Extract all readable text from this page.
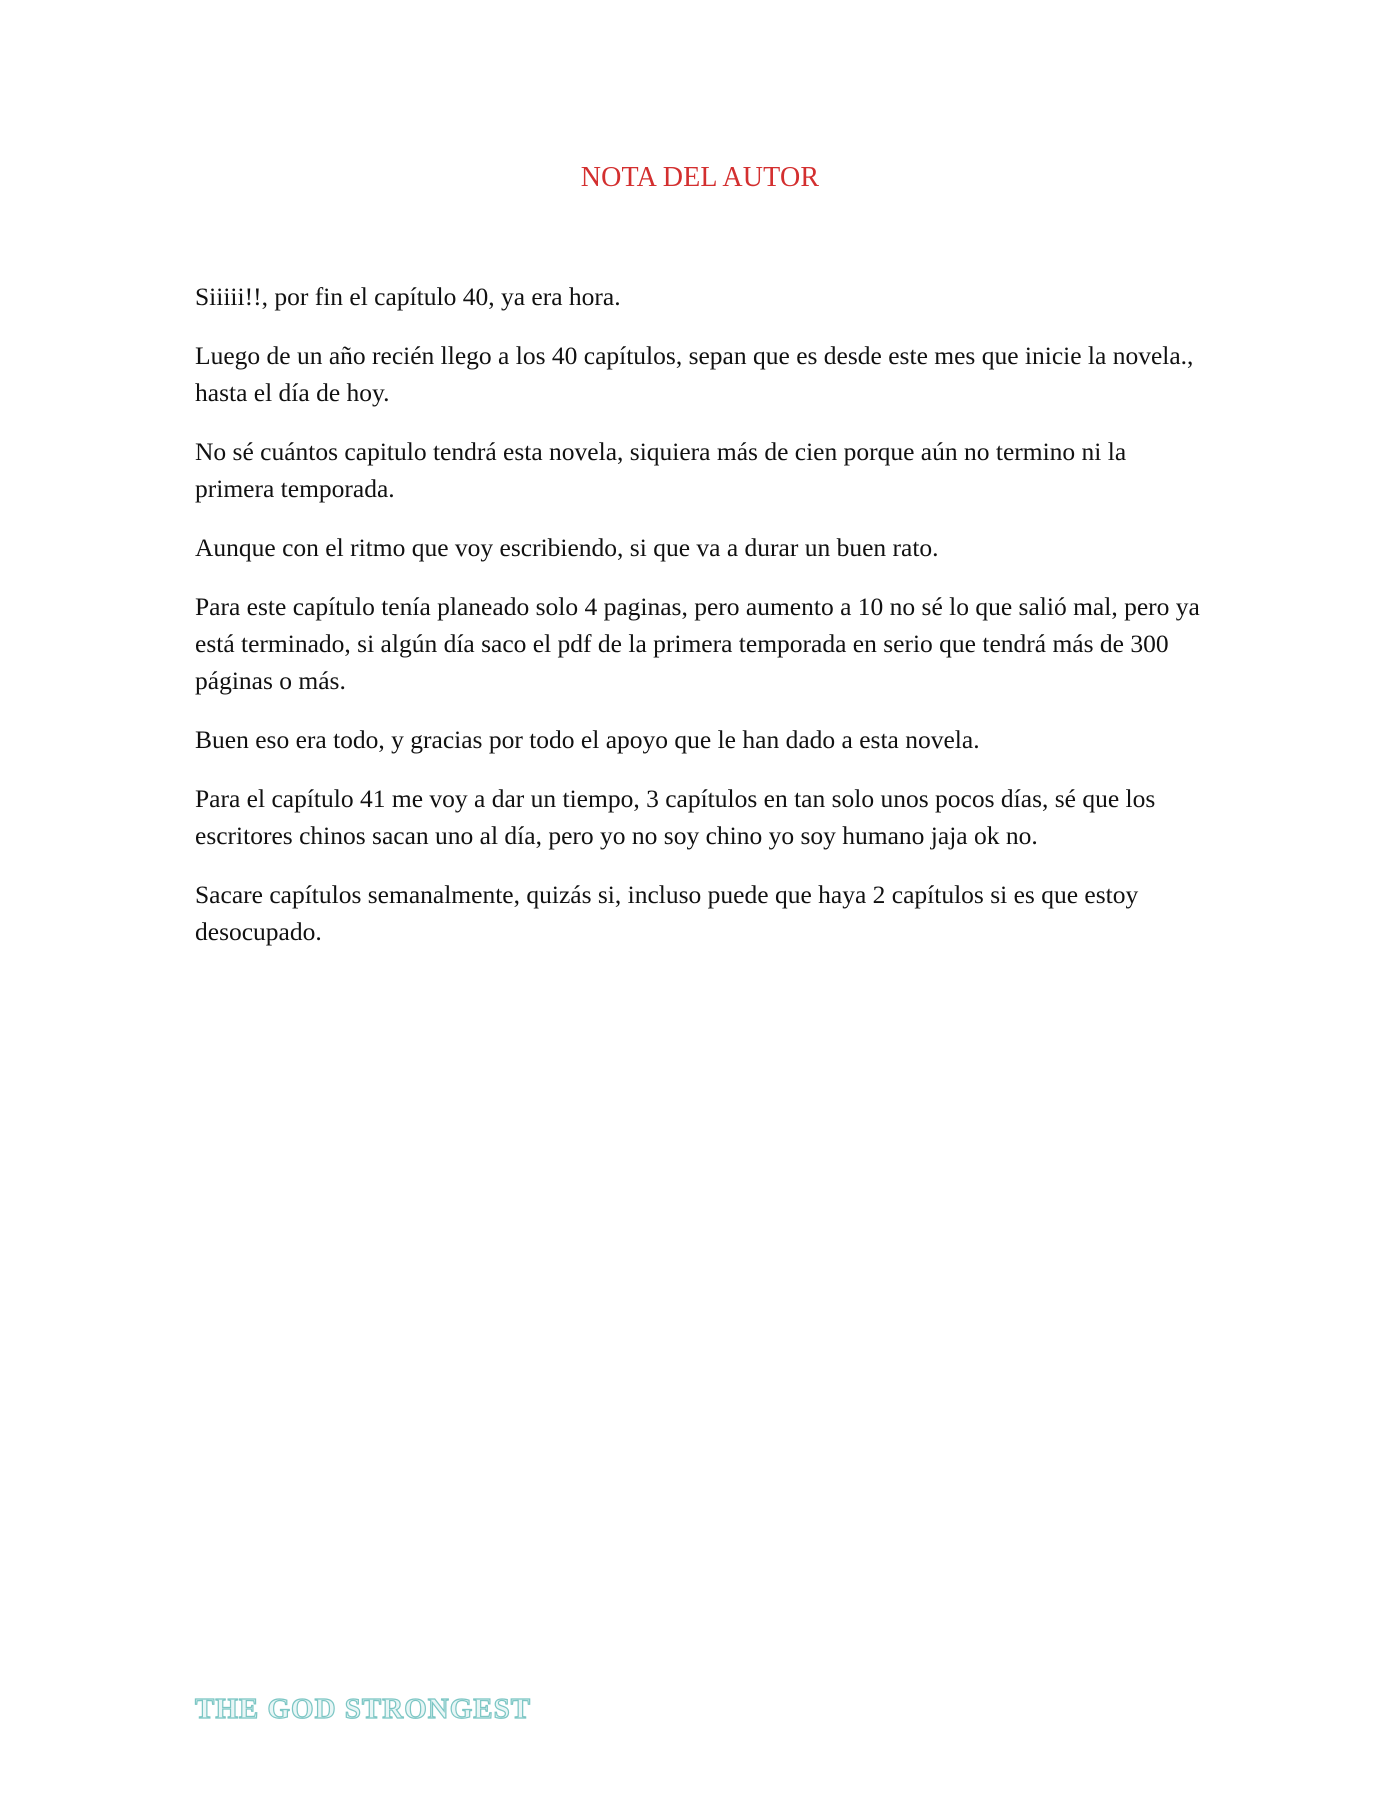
NOTA DEL AUTOR

Siiiii!!, por fin el capítulo 40, ya era hora.

Luego de un año recién llego a los 40 capítulos, sepan que es desde este mes que inicie la novela., hasta el día de hoy.

No sé cuántos capitulo tendrá esta novela, siquiera más de cien porque aún no termino ni la primera temporada.

Aunque con el ritmo que voy escribiendo, si que va a durar un buen rato.

Para este capítulo tenía planeado solo 4 paginas, pero aumento a 10 no sé lo que salió mal, pero ya está terminado, si algún día saco el pdf de la primera temporada en serio que tendrá más de 300 páginas o más.

Buen eso era todo, y gracias por todo el apoyo que le han dado a esta novela.

Para el capítulo 41 me voy a dar un tiempo, 3 capítulos en tan solo unos pocos días, sé que los escritores chinos sacan uno al día, pero yo no soy chino yo soy humano jaja ok no.

Sacare capítulos semanalmente, quizás si, incluso puede que haya 2 capítulos si es que estoy desocupado.

THE GOD STRONGEST
